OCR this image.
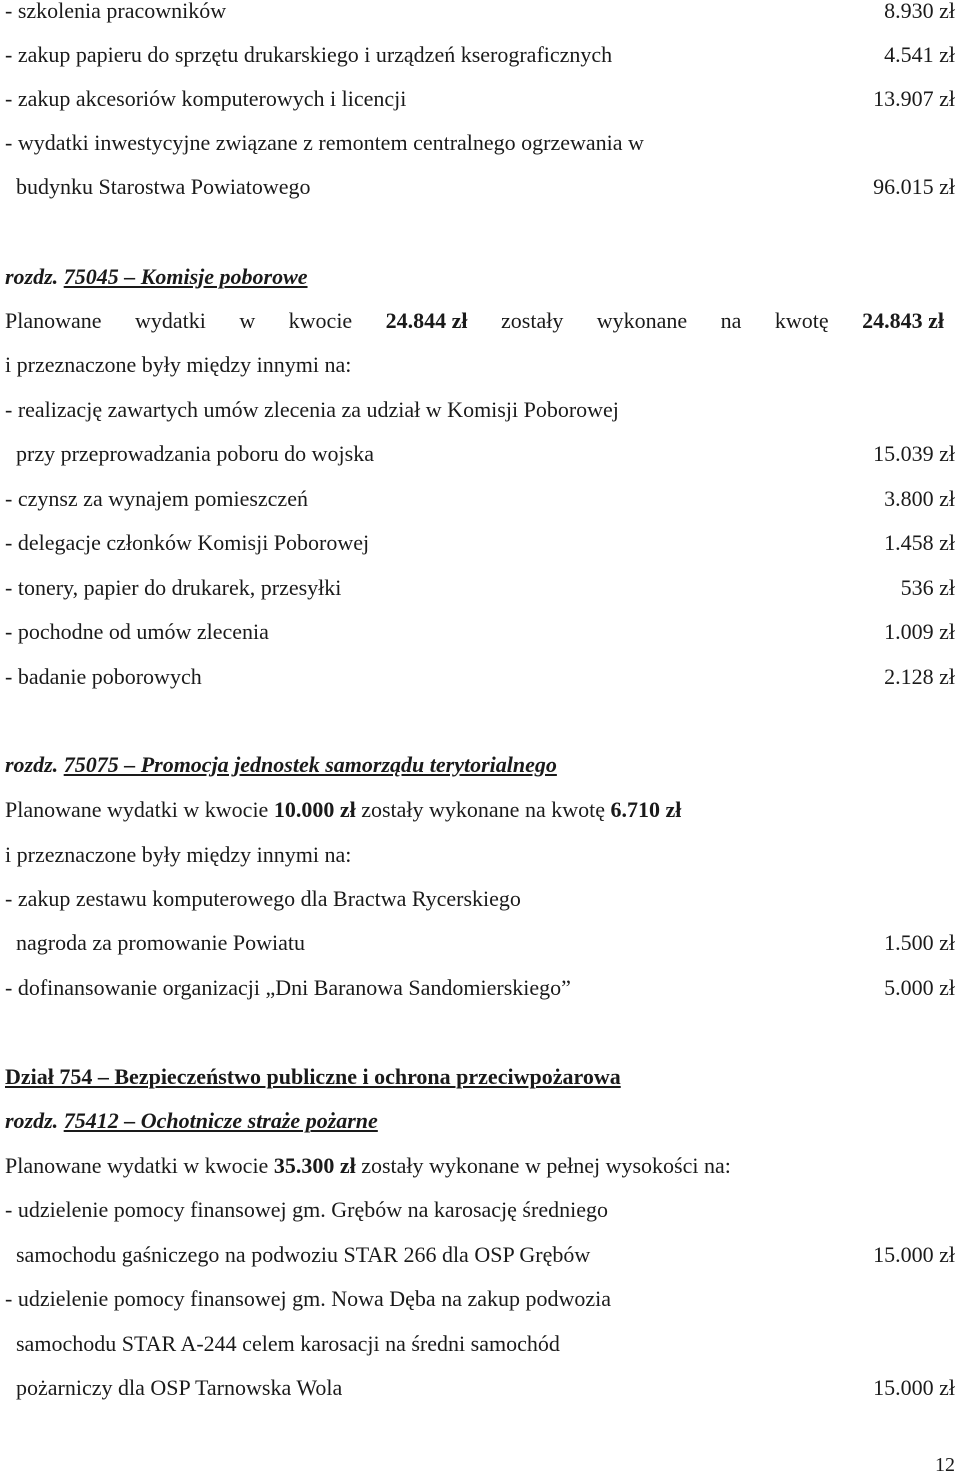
- szkolenia pracowników	8.930 zł
- zakup papieru do sprzętu drukarskiego i urządzeń kserograficznych	4.541 zł
- zakup akcesoriów komputerowych i licencji	13.907 zł
- wydatki inwestycyjne związane z remontem centralnego ogrzewania w
budynku Starostwa Powiatowego	96.015 zł
rozdz. 75045 – Komisje poborowe
Planowane wydatki w kwocie 24.844 zł zostały wykonane na kwotę 24.843 zł
i przeznaczone były między innymi na:
- realizację zawartych umów zlecenia za udział w Komisji Poborowej
przy przeprowadzania poboru do wojska	15.039 zł
- czynsz za wynajem pomieszczeń	3.800 zł
- delegacje członków Komisji Poborowej	1.458 zł
- tonery, papier do drukarek, przesyłki	536 zł
- pochodne od umów zlecenia	1.009 zł
- badanie poborowych	2.128 zł
rozdz. 75075 – Promocja jednostek samorządu terytorialnego
Planowane wydatki w kwocie 10.000 zł zostały wykonane na kwotę 6.710 zł
i przeznaczone były między innymi na:
- zakup zestawu komputerowego dla Bractwa Rycerskiego
nagroda za promowanie Powiatu	1.500 zł
- dofinansowanie organizacji „Dni Baranowa Sandomierskiego”	5.000 zł
Dział 754 – Bezpieczeństwo publiczne i ochrona przeciwpożarowa
rozdz. 75412 – Ochotnicze straże pożarne
Planowane wydatki w kwocie 35.300 zł zostały wykonane w pełnej wysokości na:
- udzielenie pomocy finansowej gm. Grębów na karosację średniego
samochodu gaśniczego na podwoziu STAR 266 dla OSP Grębów	15.000 zł
- udzielenie pomocy finansowej gm. Nowa Dęba na zakup podwozia
samochodu STAR A-244 celem karosacji na średni samochód
pożarniczy dla OSP Tarnowska Wola	15.000 zł
12
